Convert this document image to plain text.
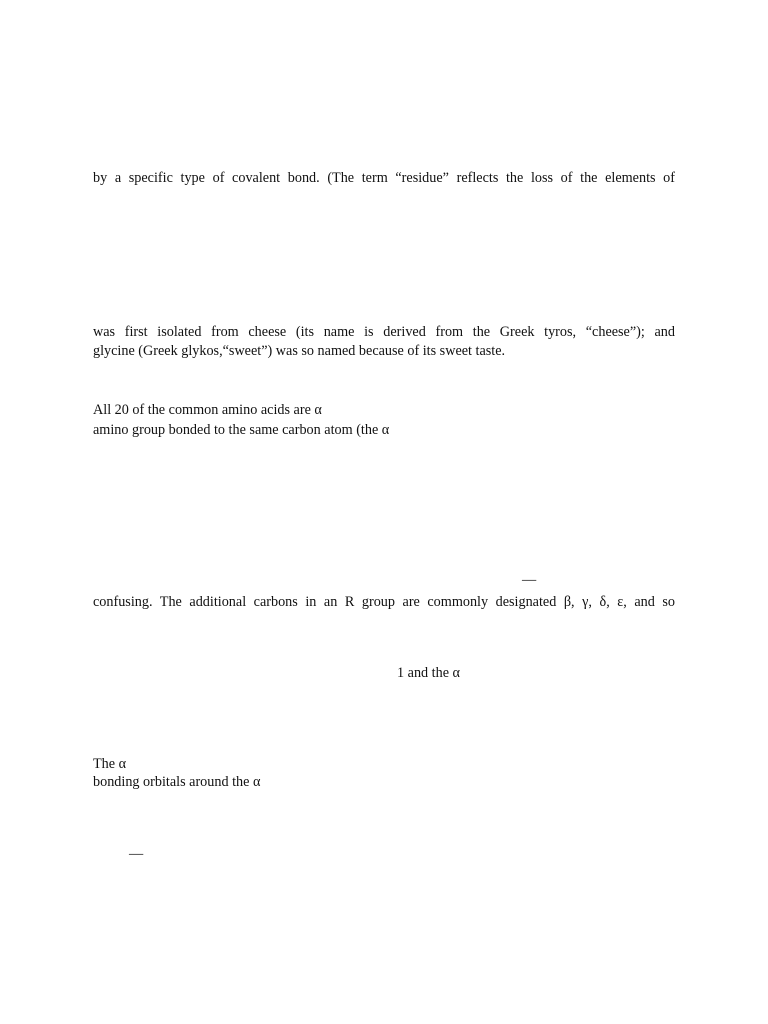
by a specific type of covalent bond. (The term “residue” reflects the loss of the elements of
was first isolated from cheese (its name is derived from the Greek tyros, “cheese”); and
glycine (Greek glykos,“sweet”) was so named because of its sweet taste.
All 20 of the common amino acids are α
amino group bonded to the same carbon atom (the α
—
confusing. The additional carbons in an R group are commonly designated β, γ, δ, ε, and so
1 and the α
The α
bonding orbitals around the α
—
